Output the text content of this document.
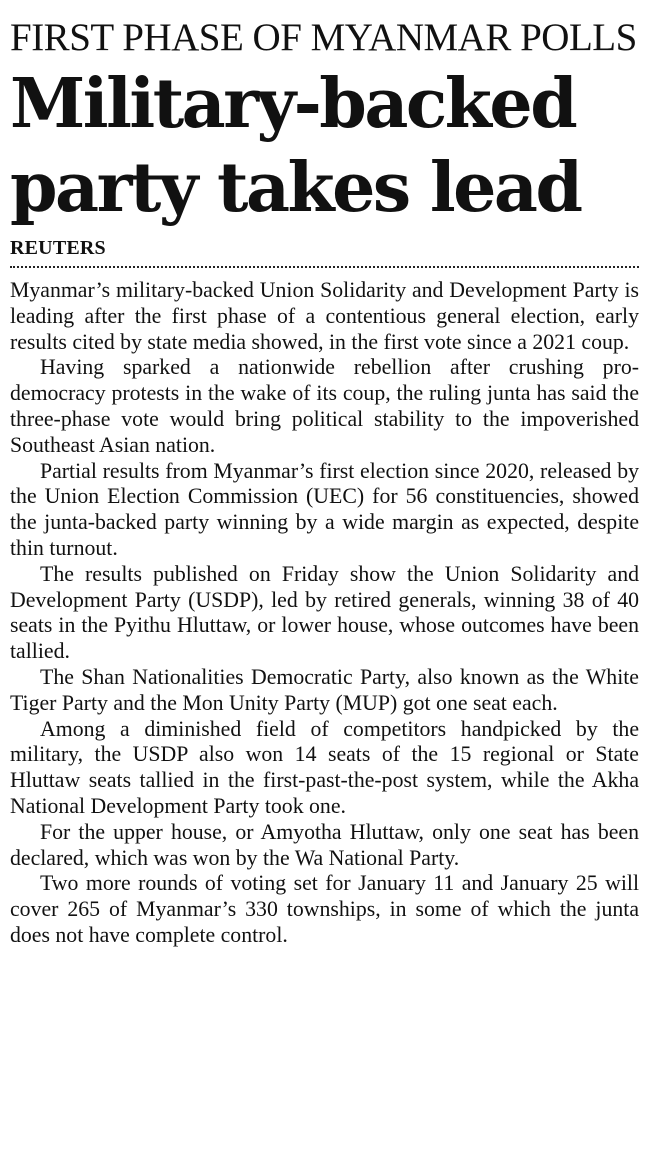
FIRST PHASE OF MYANMAR POLLS
Military-backed
party takes lead
REUTERS

Myanmar’s military-backed Union Solidarity and Development Party is leading after the first phase of a contentious general election, early results cited by state media showed, in the first vote since a 2021 coup.

Having sparked a nationwide rebellion after crushing pro-democracy protests in the wake of its coup, the ruling junta has said the three-phase vote would bring political stability to the impoverished Southeast Asian nation.

Partial results from Myanmar’s first election since 2020, released by the Union Election Commission (UEC) for 56 constituencies, showed the junta-backed party winning by a wide margin as expected, despite thin turnout.

The results published on Friday show the Union Solidarity and Development Party (USDP), led by retired generals, winning 38 of 40 seats in the Pyithu Hluttaw, or lower house, whose outcomes have been tallied.

The Shan Nationalities Democratic Party, also known as the White Tiger Party and the Mon Unity Party (MUP) got one seat each.

Among a diminished field of competitors handpicked by the military, the USDP also won 14 seats of the 15 regional or State Hluttaw seats tallied in the first-past-the-post system, while the Akha National Development Party took one.

For the upper house, or Amyotha Hluttaw, only one seat has been declared, which was won by the Wa National Party.

Two more rounds of voting set for January 11 and January 25 will cover 265 of Myanmar’s 330 townships, in some of which the junta does not have complete control.
